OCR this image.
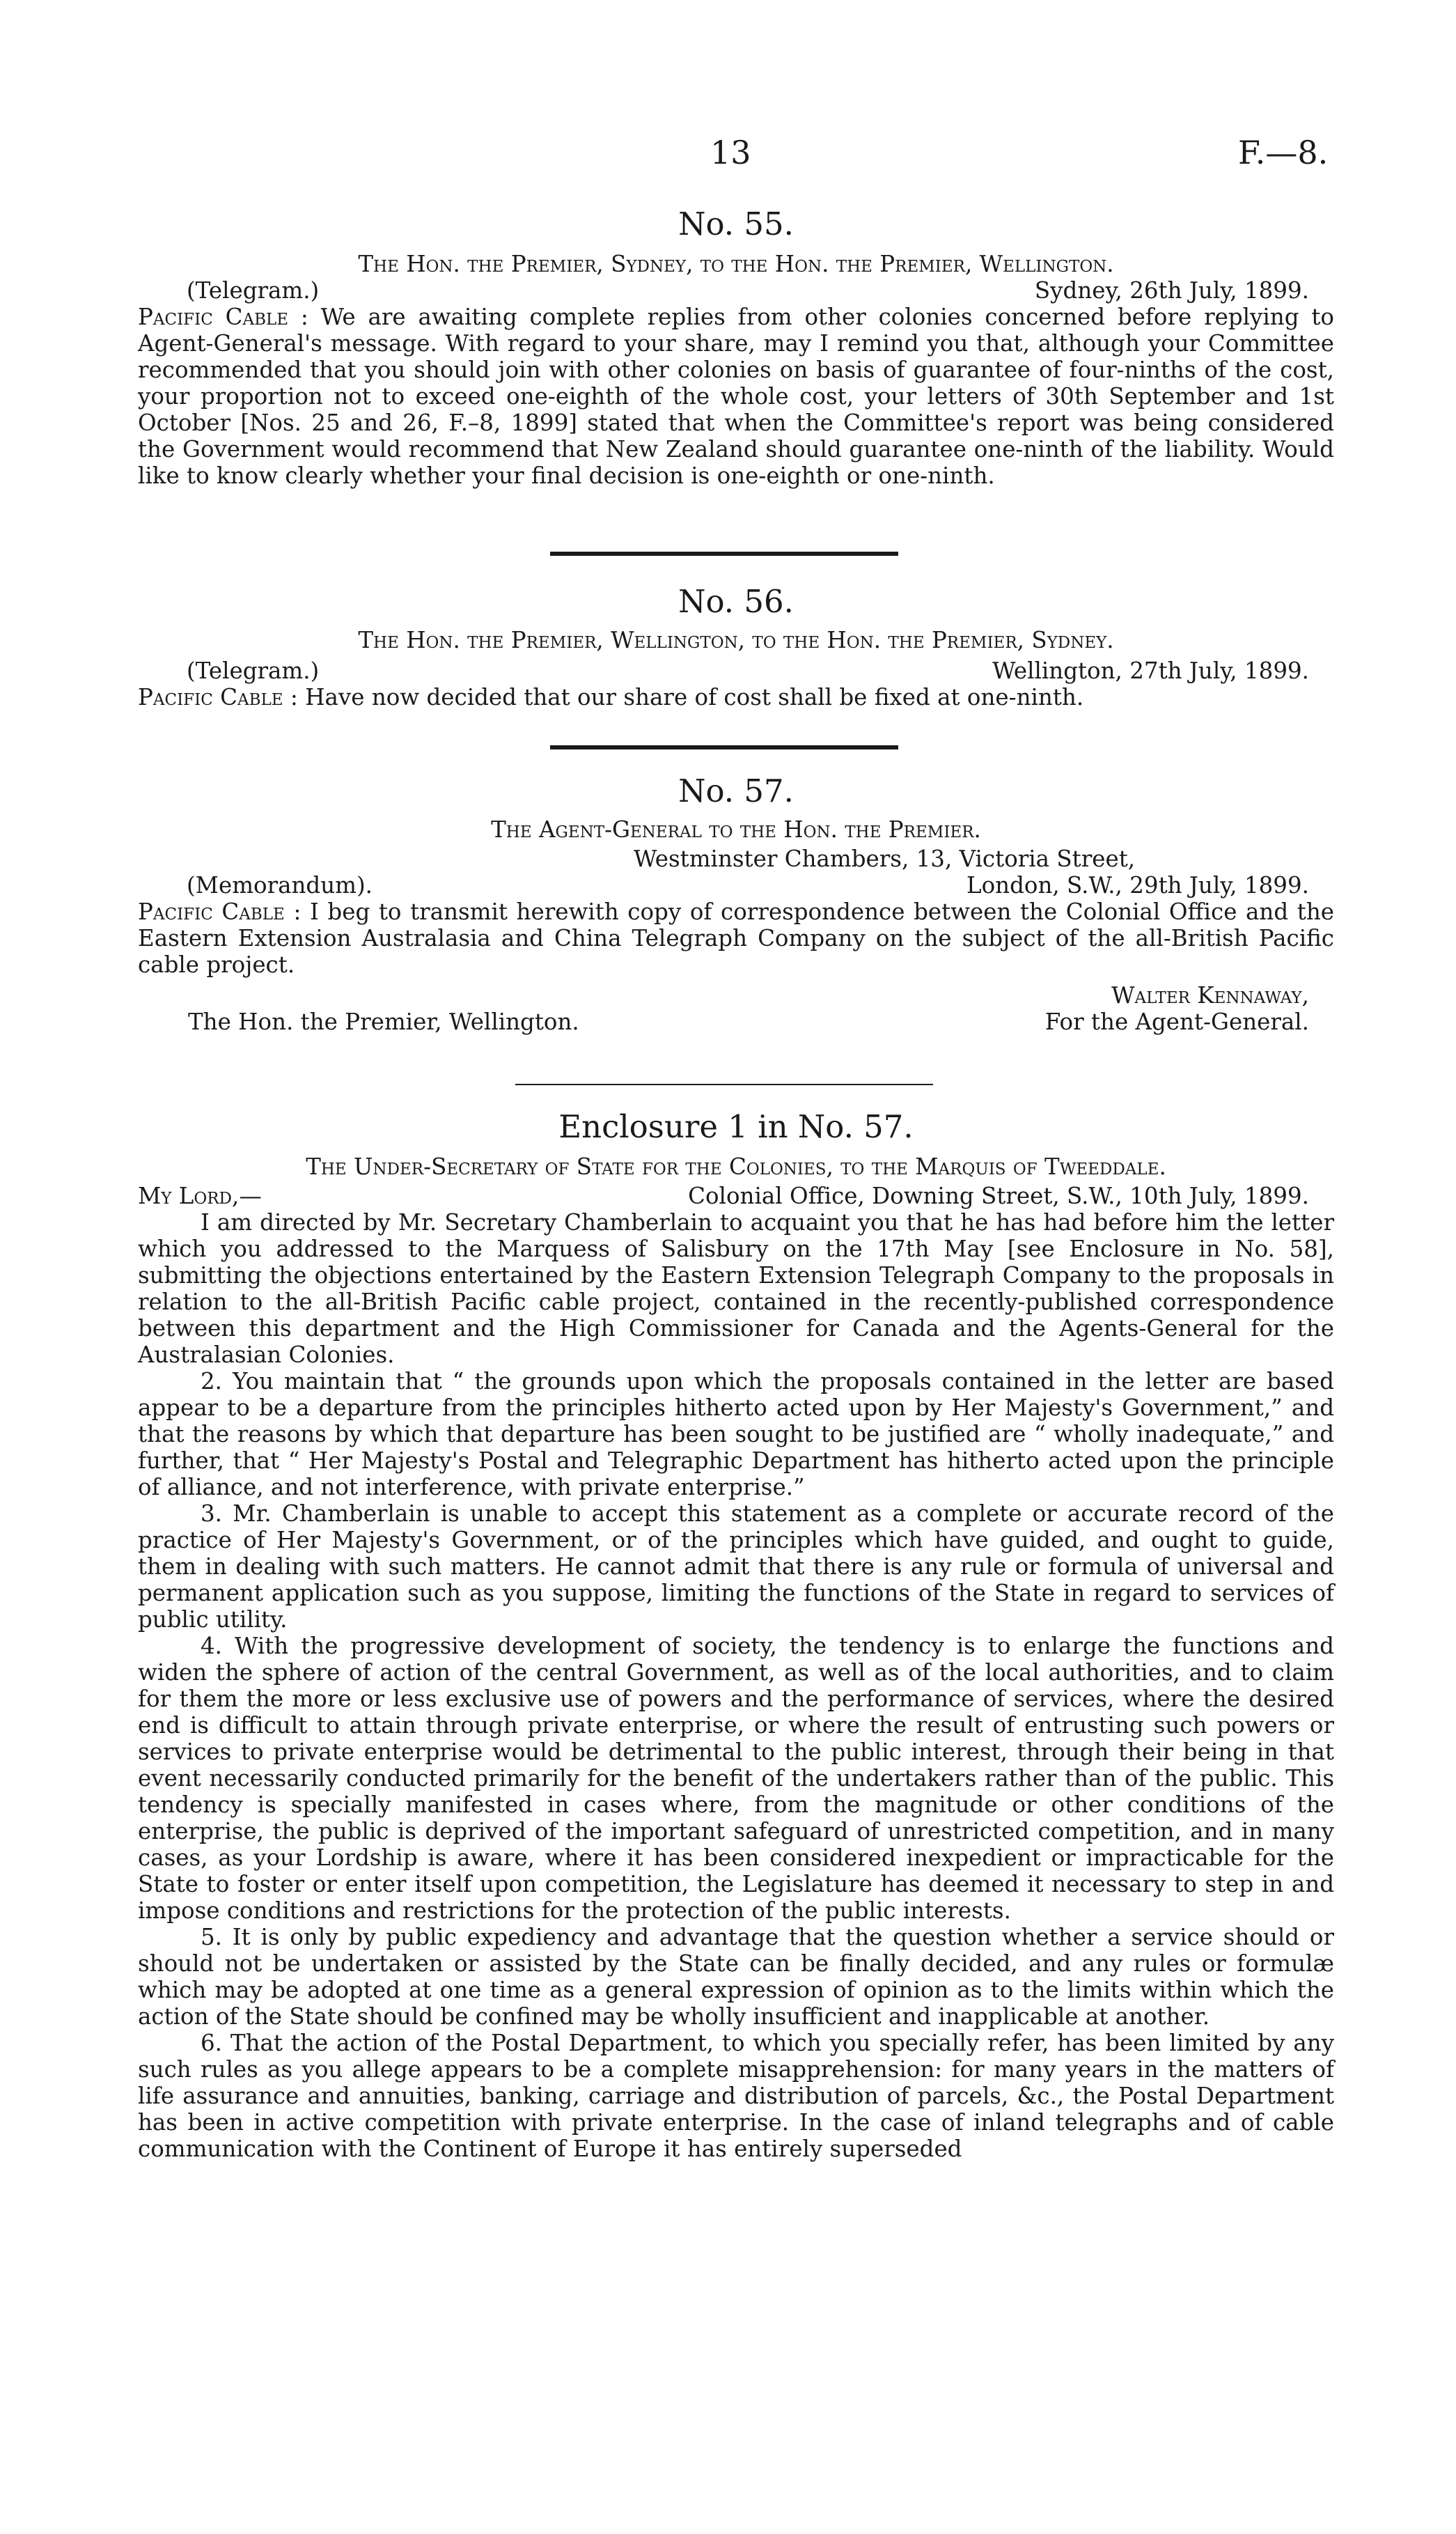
13	F.—8.
No. 55.
The Hon. the Premier, Sydney, to the Hon. the Premier, Wellington.
(Telegram.)	Sydney, 26th July, 1899.
Pacific Cable : We are awaiting complete replies from other colonies concerned before replying to Agent-General's message. With regard to your share, may I remind you that, although your Committee recommended that you should join with other colonies on basis of guarantee of four-ninths of the cost, your proportion not to exceed one-eighth of the whole cost, your letters of 30th September and 1st October [Nos. 25 and 26, F.–8, 1899] stated that when the Committee's report was being considered the Government would recommend that New Zealand should guarantee one-ninth of the liability. Would like to know clearly whether your final decision is one-eighth or one-ninth.
No. 56.
The Hon. the Premier, Wellington, to the Hon. the Premier, Sydney.
(Telegram.)	Wellington, 27th July, 1899.
Pacific Cable : Have now decided that our share of cost shall be fixed at one-ninth.
No. 57.
The Agent-General to the Hon. the Premier.
Westminster Chambers, 13, Victoria Street,
(Memorandum).	London, S.W., 29th July, 1899.
Pacific Cable : I beg to transmit herewith copy of correspondence between the Colonial Office and the Eastern Extension Australasia and China Telegraph Company on the subject of the all-British Pacific cable project.
Walter Kennaway,
The Hon. the Premier, Wellington.	For the Agent-General.
Enclosure 1 in No. 57.
The Under-Secretary of State for the Colonies, to the Marquis of Tweeddale.
My Lord,—	Colonial Office, Downing Street, S.W., 10th July, 1899.

I am directed by Mr. Secretary Chamberlain to acquaint you that he has had before him the letter which you addressed to the Marquess of Salisbury on the 17th May [see Enclosure in No. 58], submitting the objections entertained by the Eastern Extension Telegraph Company to the proposals in relation to the all-British Pacific cable project, contained in the recently-published correspondence between this department and the High Commissioner for Canada and the Agents-General for the Australasian Colonies.

2. You maintain that “ the grounds upon which the proposals contained in the letter are based appear to be a departure from the principles hitherto acted upon by Her Majesty's Government,” and that the reasons by which that departure has been sought to be justified are “ wholly inadequate,” and further, that “ Her Majesty's Postal and Telegraphic Department has hitherto acted upon the principle of alliance, and not interference, with private enterprise.”

3. Mr. Chamberlain is unable to accept this statement as a complete or accurate record of the practice of Her Majesty's Government, or of the principles which have guided, and ought to guide, them in dealing with such matters. He cannot admit that there is any rule or formula of universal and permanent application such as you suppose, limiting the functions of the State in regard to services of public utility.

4. With the progressive development of society, the tendency is to enlarge the functions and widen the sphere of action of the central Government, as well as of the local authorities, and to claim for them the more or less exclusive use of powers and the performance of services, where the desired end is difficult to attain through private enterprise, or where the result of entrusting such powers or services to private enterprise would be detrimental to the public interest, through their being in that event necessarily conducted primarily for the benefit of the undertakers rather than of the public. This tendency is specially manifested in cases where, from the magnitude or other conditions of the enterprise, the public is deprived of the important safeguard of unrestricted competition, and in many cases, as your Lordship is aware, where it has been considered inexpedient or impracticable for the State to foster or enter itself upon competition, the Legislature has deemed it necessary to step in and impose conditions and restrictions for the protection of the public interests.

5. It is only by public expediency and advantage that the question whether a service should or should not be undertaken or assisted by the State can be finally decided, and any rules or formulæ which may be adopted at one time as a general expression of opinion as to the limits within which the action of the State should be confined may be wholly insufficient and inapplicable at another.

6. That the action of the Postal Department, to which you specially refer, has been limited by any such rules as you allege appears to be a complete misapprehension: for many years in the matters of life assurance and annuities, banking, carriage and distribution of parcels, &c., the Postal Department has been in active competition with private enterprise. In the case of inland telegraphs and of cable communication with the Continent of Europe it has entirely superseded
